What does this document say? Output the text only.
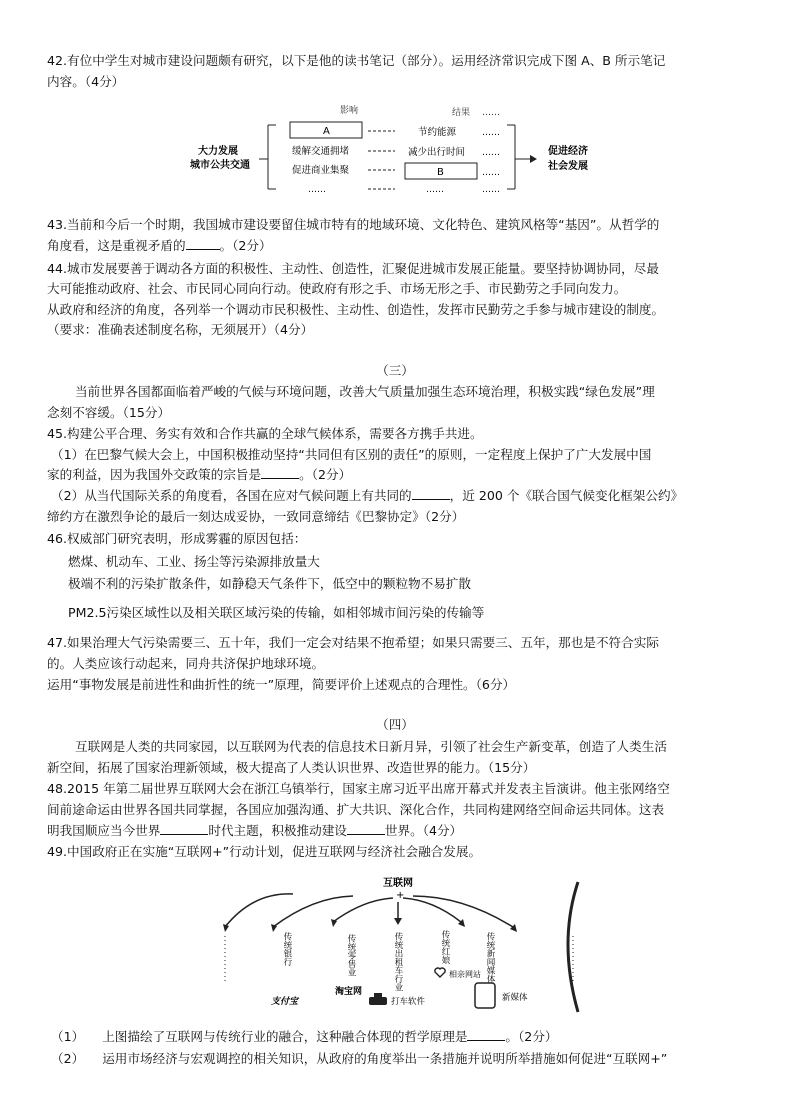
42.有位中学生对城市建设问题颇有研究，以下是他的读书笔记（部分）。运用经济常识完成下图 A、B 所示笔记
内容。（4分）
影响	结果 ……
大力发展
城市公共交通
A
缓解交通拥堵
促进商业集聚
……
节约能源	……
减少出行时间 ……
B	……
……	……
促进经济
社会发展
43.当前和今后一个时期，我国城市建设要留住城市特有的地域环境、文化特色、建筑风格等“基因”。从哲学的
角度看，这是重视矛盾的	。（2分）
44.城市发展要善于调动各方面的积极性、主动性、创造性，汇聚促进城市发展正能量。要坚持协调协同，尽最
大可能推动政府、社会、市民同心同向行动。使政府有形之手、市场无形之手、市民勤劳之手同向发力。
从政府和经济的角度，各列举一个调动市民积极性、主动性、创造性，发挥市民勤劳之手参与城市建设的制度。
（要求：准确表述制度名称，无须展开）（4分）
（三）
当前世界各国都面临着严峻的气候与环境问题，改善大气质量加强生态环境治理，积极实践“绿色发展”理
念刻不容缓。（15分）
45.构建公平合理、务实有效和合作共赢的全球气候体系，需要各方携手共进。
（1）在巴黎气候大会上，中国积极推动坚持“共同但有区别的责任”的原则，一定程度上保护了广大发展中国
家的利益，因为我国外交政策的宗旨是	。（2分）
（2）从当代国际关系的角度看，各国在应对气候问题上有共同的	，近 200 个《联合国气候变化框架公约》
缔约方在激烈争论的最后一刻达成妥协，一致同意缔结《巴黎协定》（2分）
46.权威部门研究表明，形成雾霾的原因包括：
燃煤、机动车、工业、扬尘等污染源排放量大
极端不利的污染扩散条件，如静稳天气条件下，低空中的颗粒物不易扩散
PM2.5污染区域性以及相关联区域污染的传输，如相邻城市间污染的传输等
47.如果治理大气污染需要三、五十年，我们一定会对结果不抱希望；如果只需要三、五年，那也是不符合实际
的。人类应该行动起来，同舟共济保护地球环境。
运用“事物发展是前进性和曲折性的统一”原理，简要评价上述观点的合理性。（6分）
（四）
互联网是人类的共同家园，以互联网为代表的信息技术日新月异，引领了社会生产新变革，创造了人类生活
新空间，拓展了国家治理新领域，极大提高了人类认识世界、改造世界的能力。（15分）
48.2015 年第二届世界互联网大会在浙江乌镇举行，国家主席习近平出席开幕式并发表主旨演讲。他主张网络空
间前途命运由世界各国共同掌握，各国应加强沟通、扩大共识、深化合作，共同构建网络空间命运共同体。这表
明我国顺应当今世界	时代主题，积极推动建设	世界。（4分）
49.中国政府正在实施“互联网+”行动计划，促进互联网与经济社会融合发展。
互联网
+
传统银行	传统零售业	传统出租车行业	传统红娘	传统新闻媒体
支付宝
淘宝网
打车软件
相亲网站
新媒体
（1） 上图描绘了互联网与传统行业的融合，这种融合体现的哲学原理是	。（2分）
（2） 运用市场经济与宏观调控的相关知识，从政府的角度举出一条措施并说明所举措施如何促进“互联网+”
